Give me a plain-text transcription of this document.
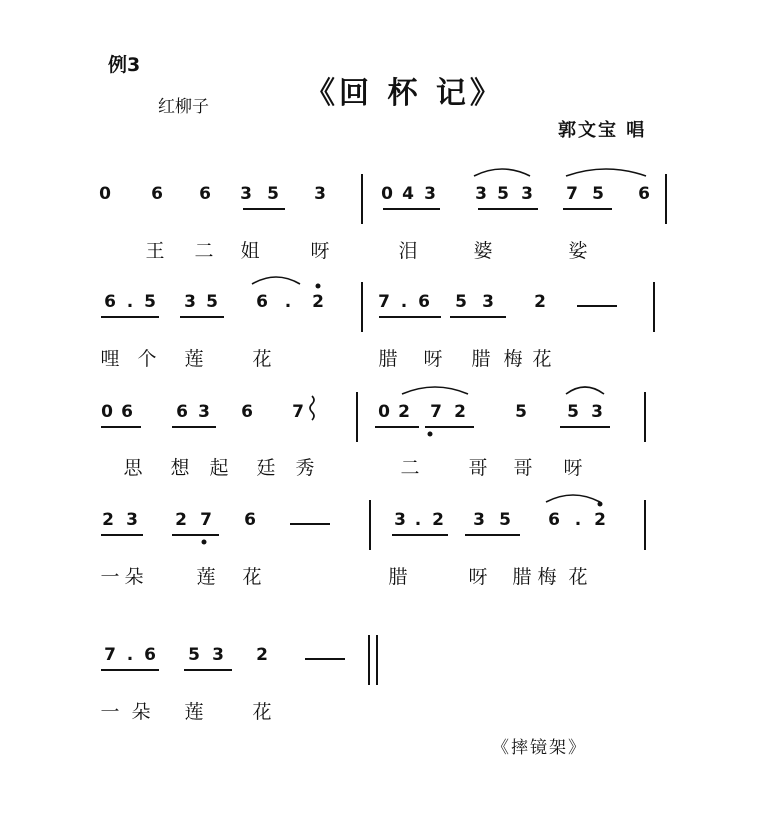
例3
红柳子	《回 杯 记》
郭文宝 唱
《摔镜架》
0 6 6 3 5 3	0 4 3 3 5 3 7 5 6
王 二 姐	呀	泪	婆	娑
6 . 5 3 5 6 . 2	7 . 6 5 3 2
哩 个 莲	花	腊 呀 腊 梅 花
0 6	6 3 6 7	0 2 7 2	5 5 3
思 想 起 廷 秀	二	哥 哥 呀
2 3 2 7 6	3 . 2 3 5 6 . 2
一 朵	莲 花	腊	呀 腊 梅 花
7 . 6 5 3 2
一 朵 莲	花
